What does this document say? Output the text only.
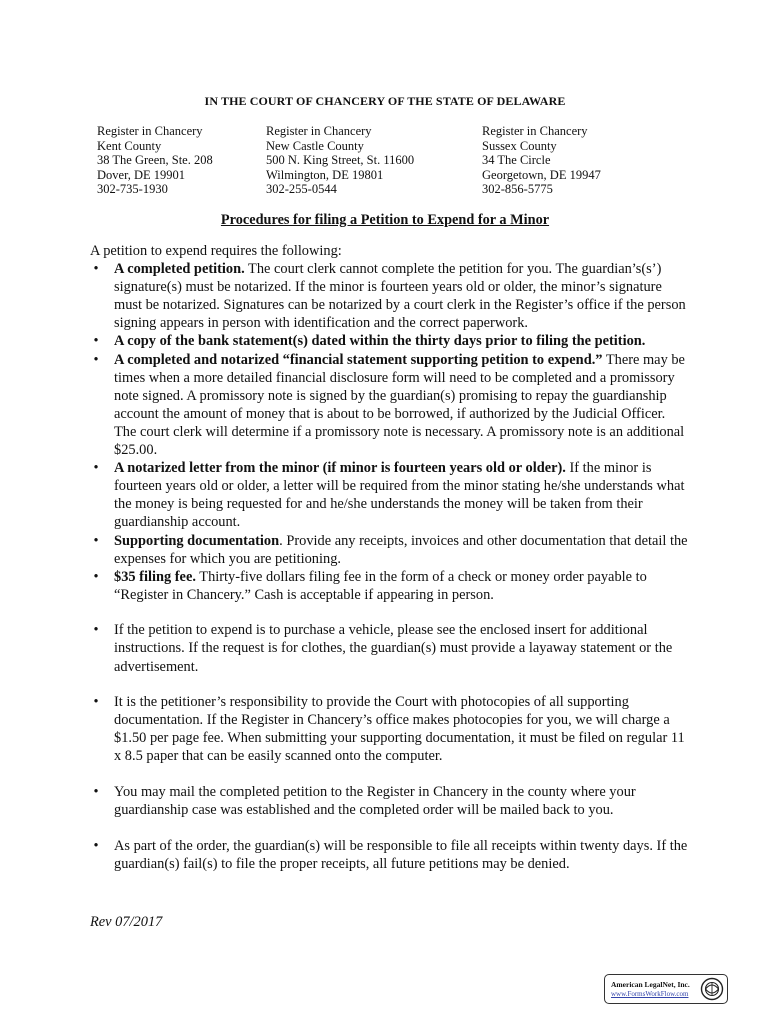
IN THE COURT OF CHANCERY OF THE STATE OF DELAWARE
Register in Chancery
Kent County
38 The Green, Ste. 208
Dover, DE 19901
302-735-1930
Register in Chancery
New Castle County
500 N. King Street, St. 11600
Wilmington, DE 19801
302-255-0544
Register in Chancery
Sussex County
34 The Circle
Georgetown, DE 19947
302-856-5775
Procedures for filing a Petition to Expend for a Minor

A petition to expend requires the following:

• A completed petition. The court clerk cannot complete the petition for you. The guardian’s(s’) signature(s) must be notarized. If the minor is fourteen years old or older, the minor’s signature must be notarized. Signatures can be notarized by a court clerk in the Register’s office if the person signing appears in person with identification and the correct paperwork.
• A copy of the bank statement(s) dated within the thirty days prior to filing the petition.
• A completed and notarized “financial statement supporting petition to expend.” There may be times when a more detailed financial disclosure form will need to be completed and a promissory note signed. A promissory note is signed by the guardian(s) promising to repay the guardianship account the amount of money that is about to be borrowed, if authorized by the Judicial Officer. The court clerk will determine if a promissory note is necessary. A promissory note is an additional $25.00.
• A notarized letter from the minor (if minor is fourteen years old or older). If the minor is fourteen years old or older, a letter will be required from the minor stating he/she understands what the money is being requested for and he/she understands the money will be taken from their guardianship account.
• Supporting documentation. Provide any receipts, invoices and other documentation that detail the expenses for which you are petitioning.
• $35 filing fee. Thirty-five dollars filing fee in the form of a check or money order payable to “Register in Chancery.” Cash is acceptable if appearing in person.
• If the petition to expend is to purchase a vehicle, please see the enclosed insert for additional instructions. If the request is for clothes, the guardian(s) must provide a layaway statement or the advertisement.
• It is the petitioner’s responsibility to provide the Court with photocopies of all supporting documentation. If the Register in Chancery’s office makes photocopies for you, we will charge a $1.50 per page fee. When submitting your supporting documentation, it must be filed on regular 11 x 8.5 paper that can be easily scanned onto the computer.
• You may mail the completed petition to the Register in Chancery in the county where your guardianship case was established and the completed order will be mailed back to you.
• As part of the order, the guardian(s) will be responsible to file all receipts within twenty days. If the guardian(s) fail(s) to file the proper receipts, all future petitions may be denied.
Rev 07/2017
American LegalNet, Inc.
www.FormsWorkFlow.com
